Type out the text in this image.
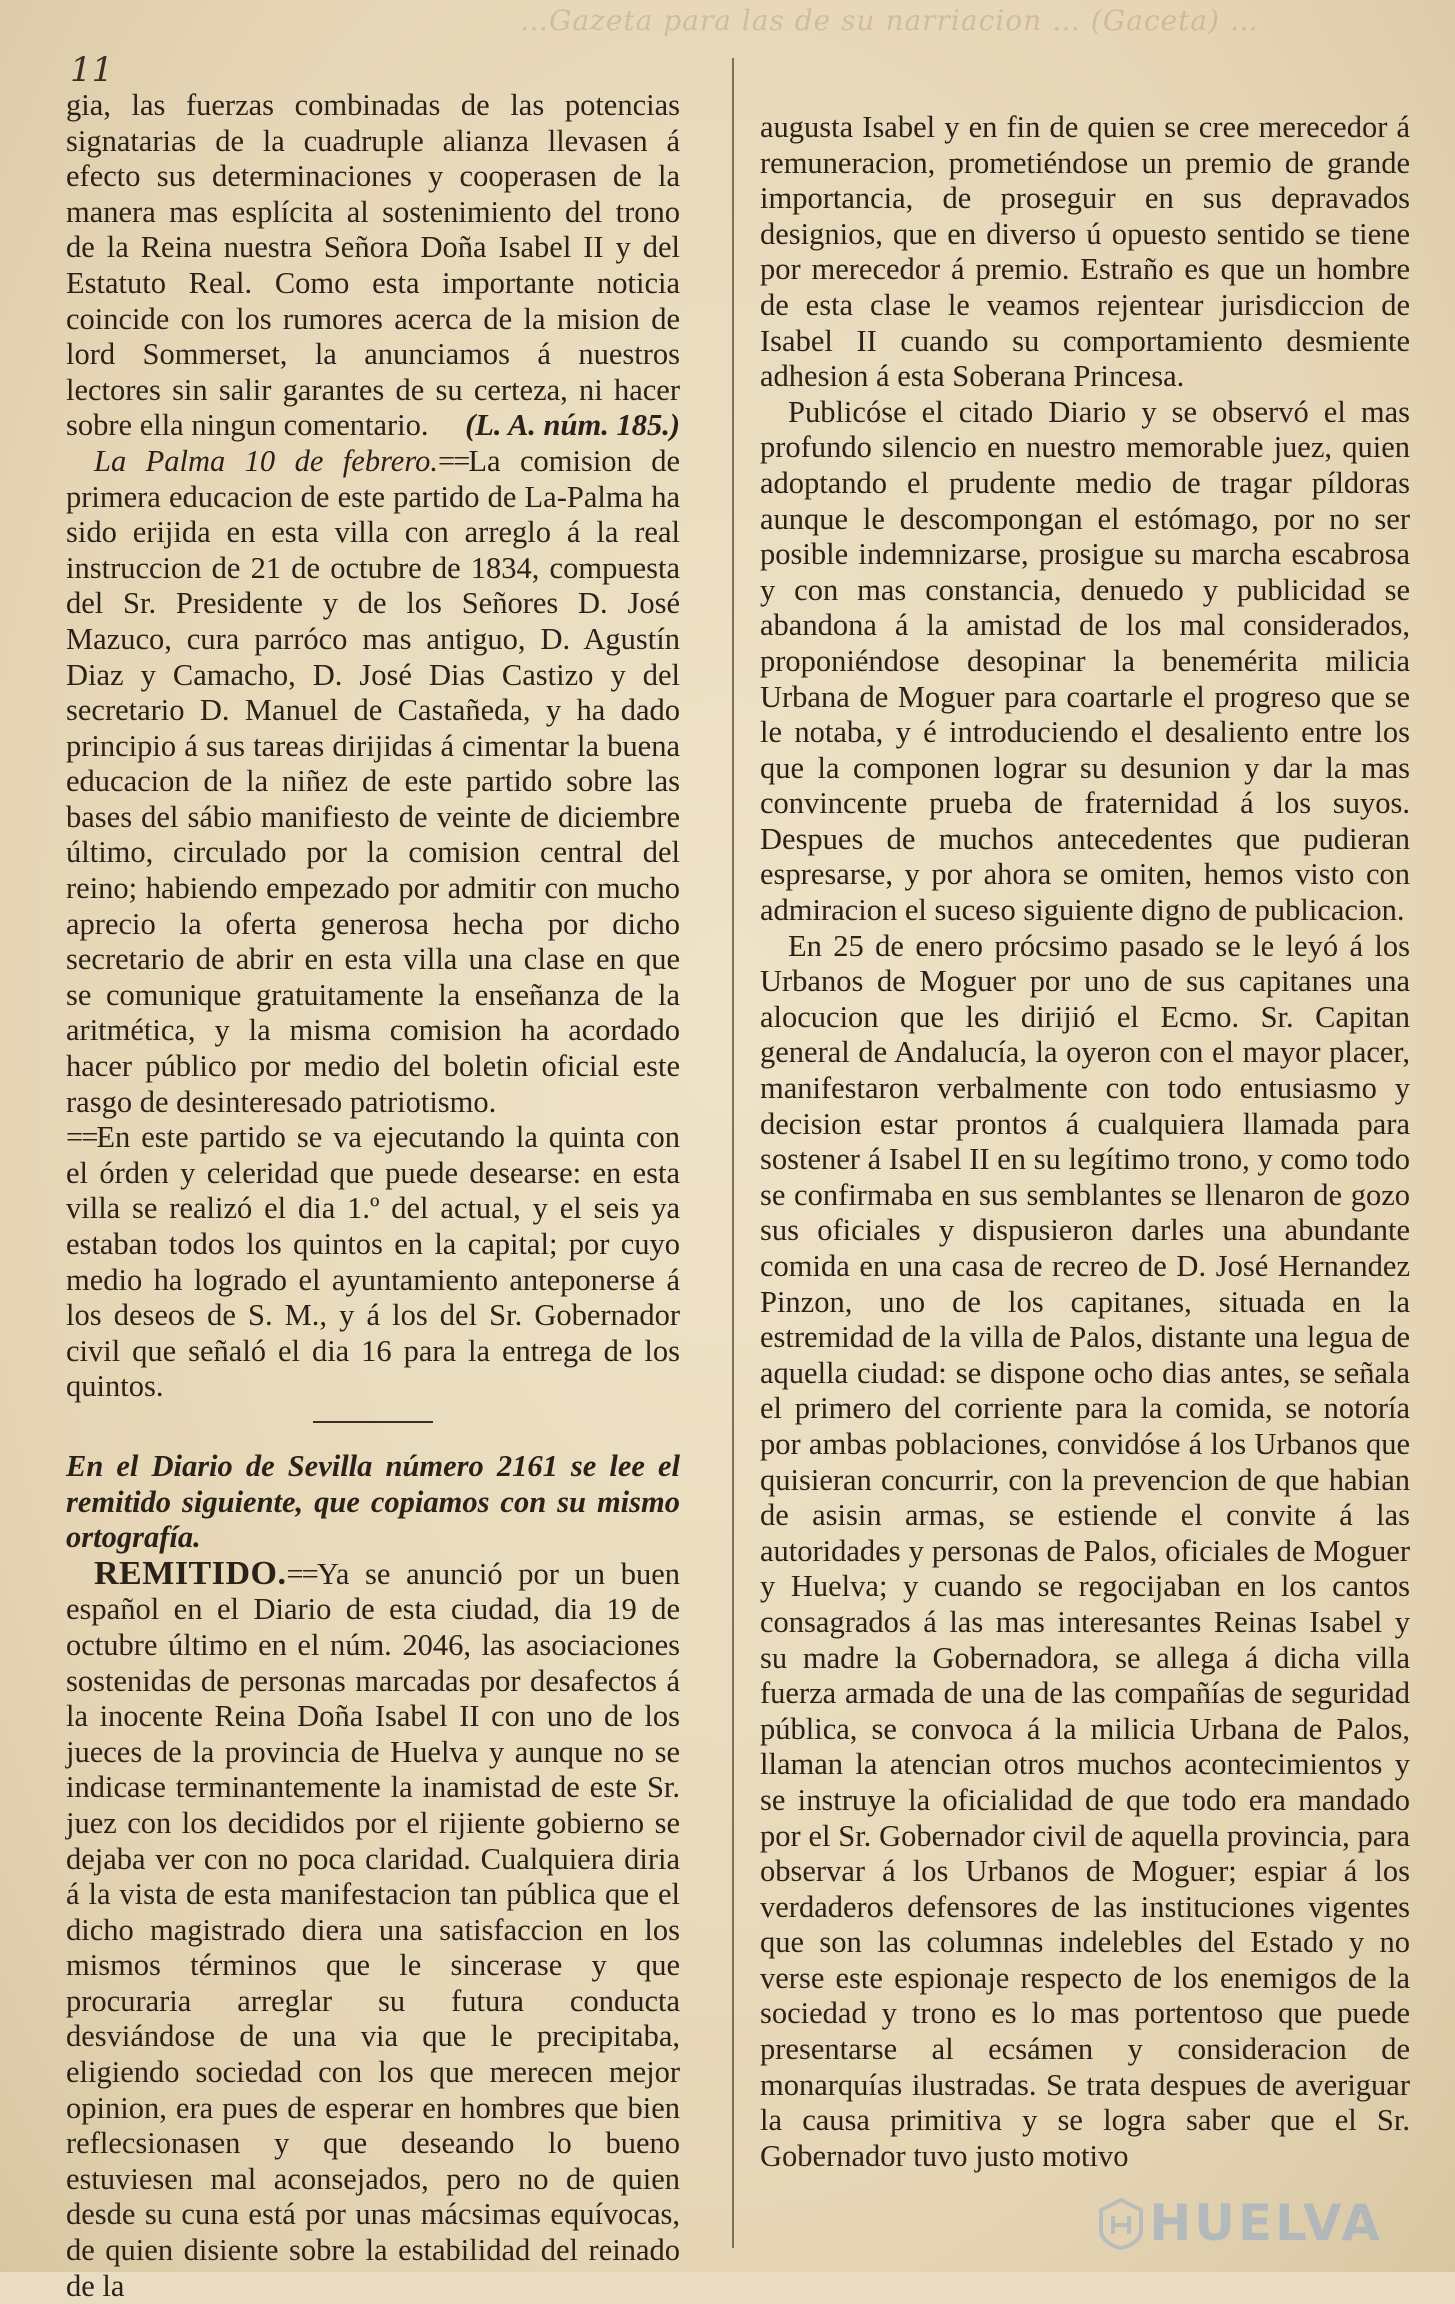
…Gazeta para las de su narriacion … (Gaceta) …
11

gia, las fuerzas combinadas de las potencias signatarias de la cuadruple alianza llevasen á efecto sus determinaciones y cooperasen de la manera mas esplícita al sostenimiento del trono de la Reina nuestra Señora Doña Isabel II y del Estatuto Real. Como esta importante noticia coincide con los rumores acerca de la mision de lord Sommerset, la anunciamos á nuestros lectores sin salir garantes de su certeza, ni hacer sobre ella ningun comentario. (L. A. núm. 185.)

La Palma 10 de febrero.==La comision de primera educacion de este partido de La-Palma ha sido erijida en esta villa con arreglo á la real instruccion de 21 de octubre de 1834, compuesta del Sr. Presidente y de los Señores D. José Mazuco, cura parróco mas antiguo, D. Agustín Diaz y Camacho, D. José Dias Castizo y del secretario D. Manuel de Castañeda, y ha dado principio á sus tareas dirijidas á cimentar la buena educacion de la niñez de este partido sobre las bases del sábio manifiesto de veinte de diciembre último, circulado por la comision central del reino; habiendo empezado por admitir con mucho aprecio la oferta generosa hecha por dicho secretario de abrir en esta villa una clase en que se comunique gratuitamente la enseñanza de la aritmética, y la misma comision ha acordado hacer público por medio del boletin oficial este rasgo de desinteresado patriotismo.

==En este partido se va ejecutando la quinta con el órden y celeridad que puede desearse: en esta villa se realizó el dia 1.º del actual, y el seis ya estaban todos los quintos en la capital; por cuyo medio ha logrado el ayuntamiento anteponerse á los deseos de S. M., y á los del Sr. Gobernador civil que señaló el dia 16 para la entrega de los quintos.

En el Diario de Sevilla número 2161 se lee el remitido siguiente, que copiamos con su mismo ortografía.

REMITIDO.==Ya se anunció por un buen español en el Diario de esta ciudad, dia 19 de octubre último en el núm. 2046, las asociaciones sostenidas de personas marcadas por desafectos á la inocente Reina Doña Isabel II con uno de los jueces de la provincia de Huelva y aunque no se indicase terminantemente la inamistad de este Sr. juez con los decididos por el rijiente gobierno se dejaba ver con no poca claridad. Cualquiera diria á la vista de esta manifestacion tan pública que el dicho magistrado diera una satisfaccion en los mismos términos que le sincerase y que procuraria arreglar su futura conducta desviándose de una via que le precipitaba, eligiendo sociedad con los que merecen mejor opinion, era pues de esperar en hombres que bien reflecsionasen y que deseando lo bueno estuviesen mal aconsejados, pero no de quien desde su cuna está por unas mácsimas equívocas, de quien disiente sobre la estabilidad del reinado de la

augusta Isabel y en fin de quien se cree merecedor á remuneracion, prometiéndose un premio de grande importancia, de proseguir en sus depravados designios, que en diverso ú opuesto sentido se tiene por merecedor á premio. Estraño es que un hombre de esta clase le veamos rejentear jurisdiccion de Isabel II cuando su comportamiento desmiente adhesion á esta Soberana Princesa.

Publicóse el citado Diario y se observó el mas profundo silencio en nuestro memorable juez, quien adoptando el prudente medio de tragar píldoras aunque le descompongan el estómago, por no ser posible indemnizarse, prosigue su marcha escabrosa y con mas constancia, denuedo y publicidad se abandona á la amistad de los mal considerados, proponiéndose desopinar la benemérita milicia Urbana de Moguer para coartarle el progreso que se le notaba, y é introduciendo el desaliento entre los que la componen lograr su desunion y dar la mas convincente prueba de fraternidad á los suyos. Despues de muchos antecedentes que pudieran espresarse, y por ahora se omiten, hemos visto con admiracion el suceso siguiente digno de publicacion.

En 25 de enero prócsimo pasado se le leyó á los Urbanos de Moguer por uno de sus capitanes una alocucion que les dirijió el Ecmo. Sr. Capitan general de Andalucía, la oyeron con el mayor placer, manifestaron verbalmente con todo entusiasmo y decision estar prontos á cualquiera llamada para sostener á Isabel II en su legítimo trono, y como todo se confirmaba en sus semblantes se llenaron de gozo sus oficiales y dispusieron darles una abundante comida en una casa de recreo de D. José Hernandez Pinzon, uno de los capitanes, situada en la estremidad de la villa de Palos, distante una legua de aquella ciudad: se dispone ocho dias antes, se señala el primero del corriente para la comida, se notoría por ambas poblaciones, convidóse á los Urbanos que quisieran concurrir, con la prevencion de que habian de asisin armas, se estiende el convite á las autoridades y personas de Palos, oficiales de Moguer y Huelva; y cuando se regocijaban en los cantos consagrados á las mas interesantes Reinas Isabel y su madre la Gobernadora, se allega á dicha villa fuerza armada de una de las compañías de seguridad pública, se convoca á la milicia Urbana de Palos, llaman la atencian otros muchos acontecimientos y se instruye la oficialidad de que todo era mandado por el Sr. Gobernador civil de aquella provincia, para observar á los Urbanos de Moguer; espiar á los verdaderos defensores de las instituciones vigentes que son las columnas indelebles del Estado y no verse este espionaje respecto de los enemigos de la sociedad y trono es lo mas portentoso que puede presentarse al ecsámen y consideracion de monarquías ilustradas. Se trata despues de averiguar la causa primitiva y se logra saber que el Sr. Gobernador tuvo justo motivo

HUELVA
